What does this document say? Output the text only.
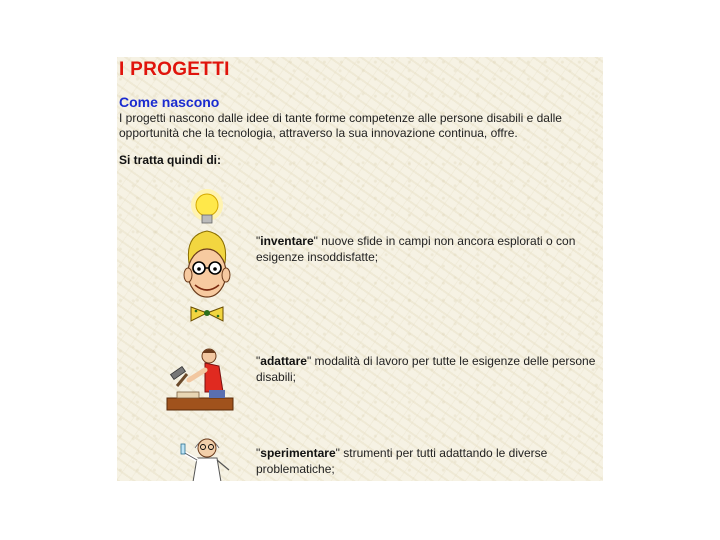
I PROGETTI
Come nascono

I progetti nascono dalle idee di tante forme competenze alle persone disabili e dalle opportunità che la tecnologia, attraverso la sua innovazione continua, offre.

Si tratta quindi di:

"inventare" nuove sfide in campi non ancora esplorati o con esigenze insoddisfatte;

"adattare" modalità di lavoro per tutte le esigenze delle persone disabili;

"sperimentare" strumenti per tutti adattando le diverse problematiche;
